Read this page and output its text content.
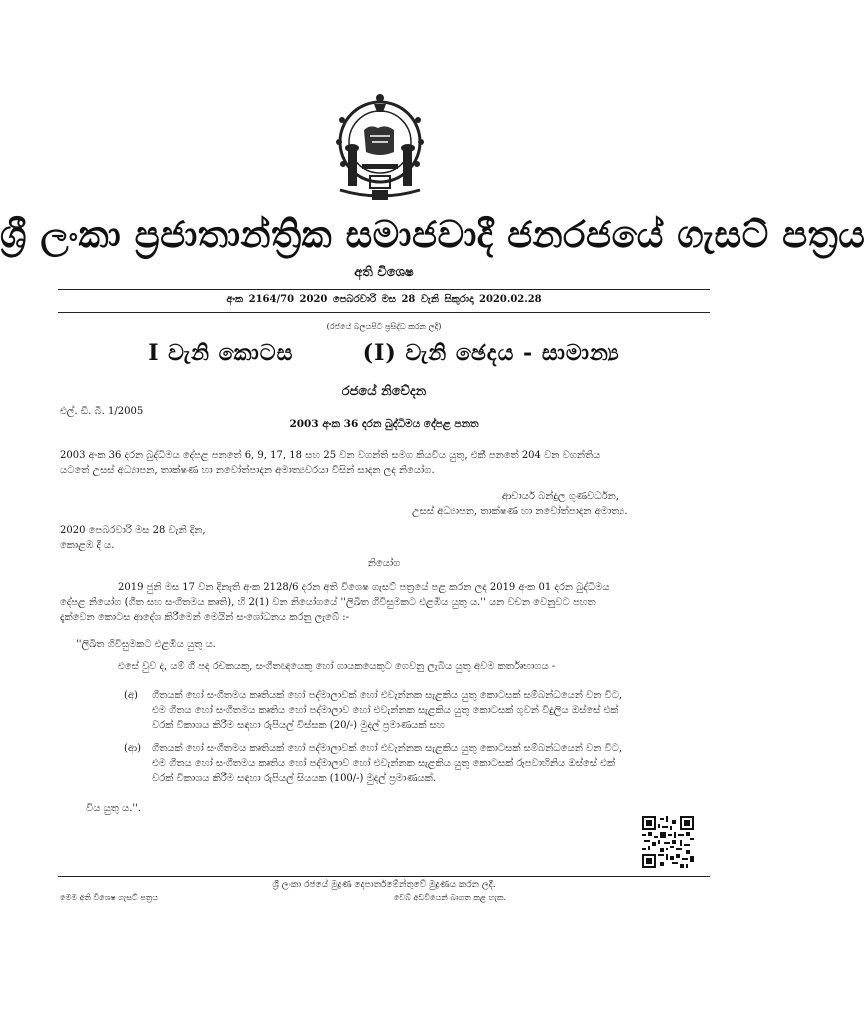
ශ්‍රී ලංකා ප්‍රජාතාන්ත්‍රික සමාජවාදී ජනරජයේ ගැසට් පත්‍රය
අති විශෙෂ
අංක 2164/70 2020 පෙබරවාරි මස 28 වැනි සිකුරාදා 2020.02.28
(රජයේ බලයපිට ප්‍රසිද්ධ කරන ලදි)
I වැනි කොටස	(I) වැනි ඡෙදය - සාමාන්‍ය
රජයේ නිවේදන
එල්. ඩී. බී. 1/2005
2003 අංක 36 දරන බුද්ධිමය දේපළ පනත
2003 අංක 36 දරන බුද්ධිමය දේපළ පනතේ 6, 9, 17, 18 සහ 25 වන වගන්ති සමග කියවිය යුතු, එකී පනතේ 204 වන වගන්තිය
යටතේ උසස් අධ්‍යාපන, තාක්ෂණ හා නවෝත්පාදන අමාත්‍යවරයා විසින් සාදන ලද නියෝග.
ආචාර්ය බන්දුල ගුණවර්ධන,
උසස් අධ්‍යාපන, තාක්ෂණ හා නවෝත්පාදන අමාත්‍ය.
2020 පෙබරවාරි මස 28 වැනි දින,
කොළඹ දී ය.
නියෝග
2019 ජුනි මස 17 වන දිනැති අංක 2128/6 දරන අති විශෙෂ ගැසට් පත්‍රයේ පළ කරන ලද 2019 අංක 01 දරන බුද්ධිමය
දේපළ නියෝග (ගීත සහ සංගීතමය කෘති), හි 2(1) වන නියෝගයේ ''ලිඛිත ගිවිසුමකට එළඹිය යුතු ය.'' යන වචන වෙනුවට පහත
දැක්වෙන කොටස ආදේශ කිරීමෙන් මෙයින් සංශෝධනය කරනු ලැබේ :-
''ලිඛිත ගිවිසුමකට එළඹිය යුතු ය.
එසේ වුව ද, යම් ගී පද රචකයකු, සංගීතඥයෙකු හෝ ගායකයෙකුට ගෙවනු ලැබිය යුතු අවම කර්තෘභාගය -
(අ) ගීතයක් හෝ සංගීතමය කෘතියක් හෝ පද්මාලාවක් හෝ එවැන්නක සැළකිය යුතු කොටසක් සම්බන්ධයෙන් වන විට,
එම ගීතය හෝ සංගීතමය කෘතිය හෝ පද්මාලාව හෝ එවැන්නක සැළකිය යුතු කොටසක් ගුවන් විදුලිය ඔස්සේ එක්
වරක් විකාශය කිරීම සඳහා රුපියල් විස්සක (20/-) මුදල් ප්‍රමාණයක් සහ
(ආ) ගීතයක් හෝ සංගීතමය කෘතියක් හෝ පද්මාලාවක් හෝ එවැන්නක සැළකිය යුතු කොටසක් සම්බන්ධයෙන් වන විට,
එම ගීතය හෝ සංගීතමය කෘතිය හෝ පද්මාලාව හෝ එවැන්නක සැළකිය යුතු කොටසක් රූපවාහිනිය ඔස්සේ එක්
වරක් විකාශය කිරීම සඳහා රුපියල් සියයක (100/-) මුදල් ප්‍රමාණයක්.
විය යුතු ය.''.
ශ්‍රී ලංකා රජයේ මුද්‍රණ දෙපාර්තමේන්තුවේ මුද්‍රණය කරන ලදී.
මෙම අති විශෙෂ ගැසට් පත්‍රය	වෙබ් අඩවියෙන් බාගත කළ හැක.
